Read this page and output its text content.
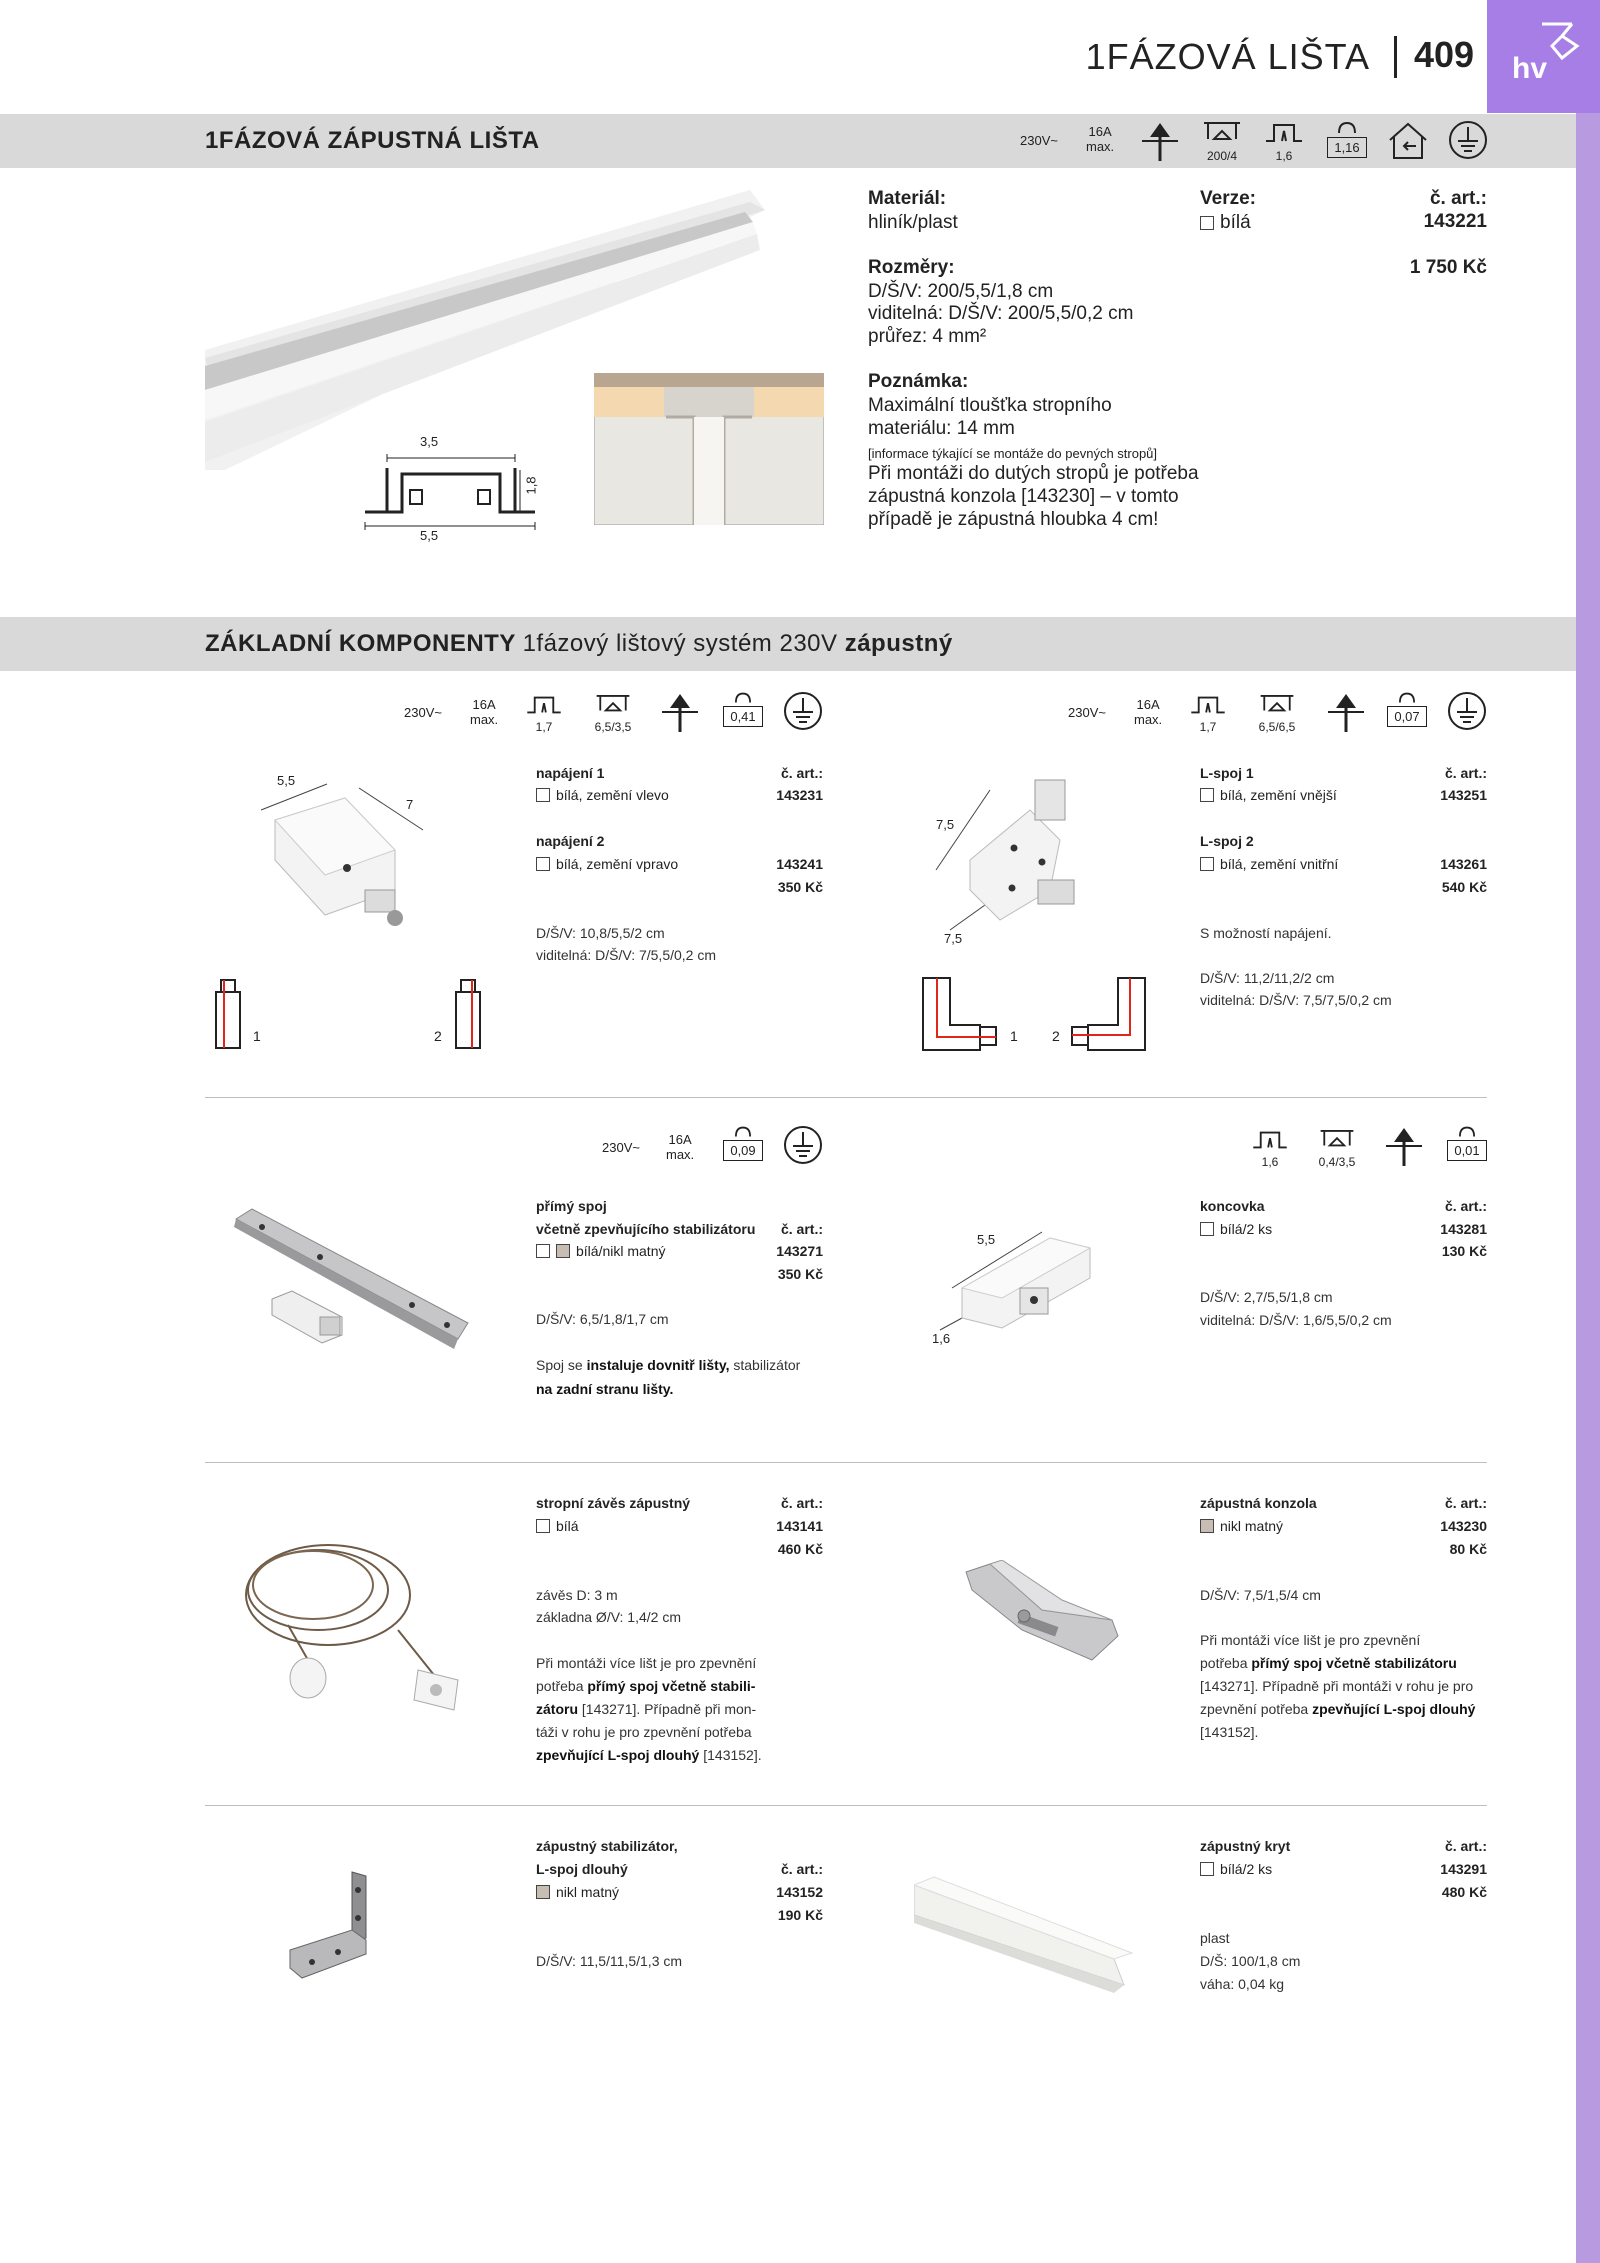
hv
1FÁZOVÁ LIŠTA 409
1FÁZOVÁ ZÁPUSTNÁ LIŠTA	230V~
16A
max.
200/4	1,6
1,16
3,5
1,8
5,5
Materiál:
hliník/plast
Rozměry:
D/Š/V: 200/5,5/1,8 cm
viditelná: D/Š/V: 200/5,5/0,2 cm
průřez: 4 mm²
Poznámka:
Maximální tloušťka stropního
materiálu: 14 mm
[informace týkající se montáže do pevných stropů]
Při montáži do dutých stropů je potřeba
zápustná konzola [143230] – v tomto
případě je zápustná hloubka 4 cm!
Verze:
bílá
č. art.:
143221
1 750 Kč
ZÁKLADNÍ KOMPONENTY 1fázový lištový systém 230V zápustný
230V~
16A
max.	1,7	6,5/3,5
0,41	230V~
16A
max.	1,7	6,5/6,5
0,07
5,5
7
1	2
napájení 1	č. art.:
bílá, zemění vlevo	143231
napájení 2
bílá, zemění vpravo	143241
350 Kč
D/Š/V: 10,8/5,5/2 cm
viditelná: D/Š/V: 7/5,5/0,2 cm
7,5
7,5
1 2
L-spoj 1	č. art.:
bílá, zemění vnější	143251
L-spoj 2
bílá, zemění vnitřní	143261
540 Kč
S možností napájení.
D/Š/V: 11,2/11,2/2 cm
viditelná: D/Š/V: 7,5/7,5/0,2 cm
230V~
16A
max.	0,09
přímý spoj
včetně zpevňujícího stabilizátoru	č. art.:
bílá/nikl matný	143271
350 Kč
D/Š/V: 6,5/1,8/1,7 cm
Spoj se instaluje dovnitř lišty, stabilizátor
na zadní stranu lišty.
1,6	0,4/3,5
0,01
5,5
1,6
koncovka	č. art.:
bílá/2 ks	143281
130 Kč
D/Š/V: 2,7/5,5/1,8 cm
viditelná: D/Š/V: 1,6/5,5/0,2 cm
stropní závěs zápustný	č. art.:
bílá	143141
460 Kč
závěs D: 3 m
základna Ø/V: 1,4/2 cm
Při montáži více lišt je pro zpevnění
potřeba přímý spoj včetně stabili-
zátoru [143271]. Případně při mon-
táži v rohu je pro zpevnění potřeba
zpevňující L-spoj dlouhý [143152].
zápustná konzola	č. art.:
nikl matný	143230
80 Kč
D/Š/V: 7,5/1,5/4 cm
Při montáži více lišt je pro zpevnění
potřeba přímý spoj včetně stabilizátoru
[143271]. Případně při montáži v rohu je pro
zpevnění potřeba zpevňující L-spoj dlouhý
[143152].
zápustný stabilizátor,
L-spoj dlouhý	č. art.:
nikl matný	143152
190 Kč
D/Š/V: 11,5/11,5/1,3 cm
zápustný kryt	č. art.:
bílá/2 ks	143291
480 Kč
plast
D/Š: 100/1,8 cm
váha: 0,04 kg
